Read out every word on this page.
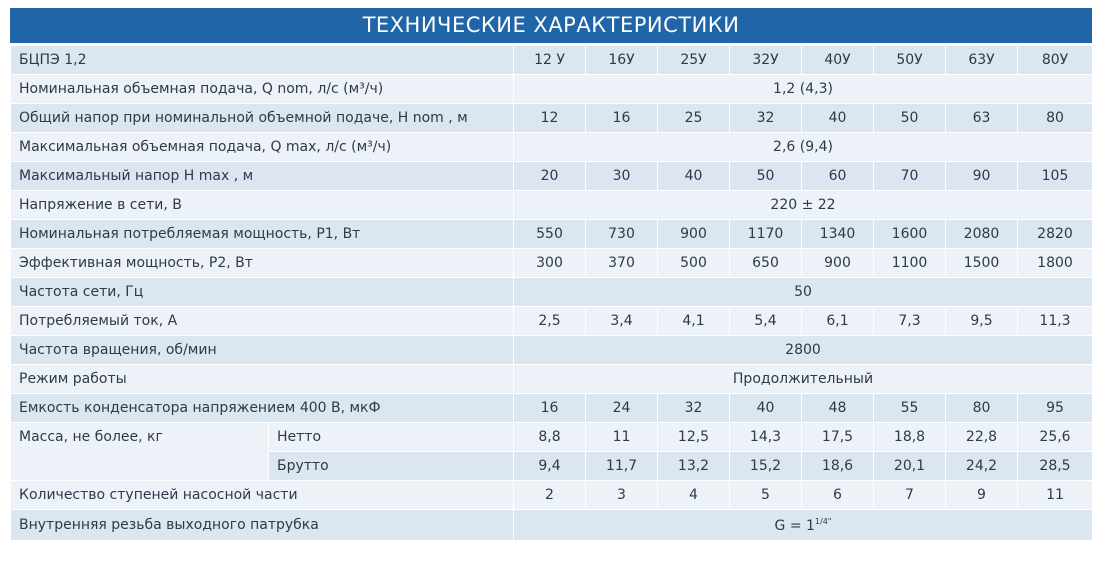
ТЕХНИЧЕСКИЕ ХАРАКТЕРИСТИКИ
БЦПЭ 1,2		12 У	16У	25У	32У	40У	50У	63У	80У
Номинальная объемная подача, Q nom, л/с (м³/ч)		1,2 (4,3)							
Общий напор при номинальной объемной подаче, H nom , м		12	16	25	32	40	50	63	80
Максимальная объемная подача, Q max, л/с (м³/ч)		2,6 (9,4)							
Максимальный напор H max , м		20	30	40	50	60	70	90	105
Напряжение в сети, В		220 ± 22							
Номинальная потребляемая мощность, Р1, Вт		550	730	900	1170	1340	1600	2080	2820
Эффективная мощность, Р2, Вт		300	370	500	650	900	1100	1500	1800
Частота сети, Гц		50							
Потребляемый ток, А		2,5	3,4	4,1	5,4	6,1	7,3	9,5	11,3
Частота вращения, об/мин		2800							
Режим работы		Продолжительный							
Емкость конденсатора напряжением 400 В, мкФ		16	24	32	40	48	55	80	95
Масса, не более, кг	Нетто	8,8	11	12,5	14,3	17,5	18,8	22,8	25,6
	Брутто	9,4	11,7	13,2	15,2	18,6	20,1	24,2	28,5
Количество ступеней насосной части		2	3	4	5	6	7	9	11
Внутренняя резьба выходного патрубка		$G = 1^{1/4"}$
